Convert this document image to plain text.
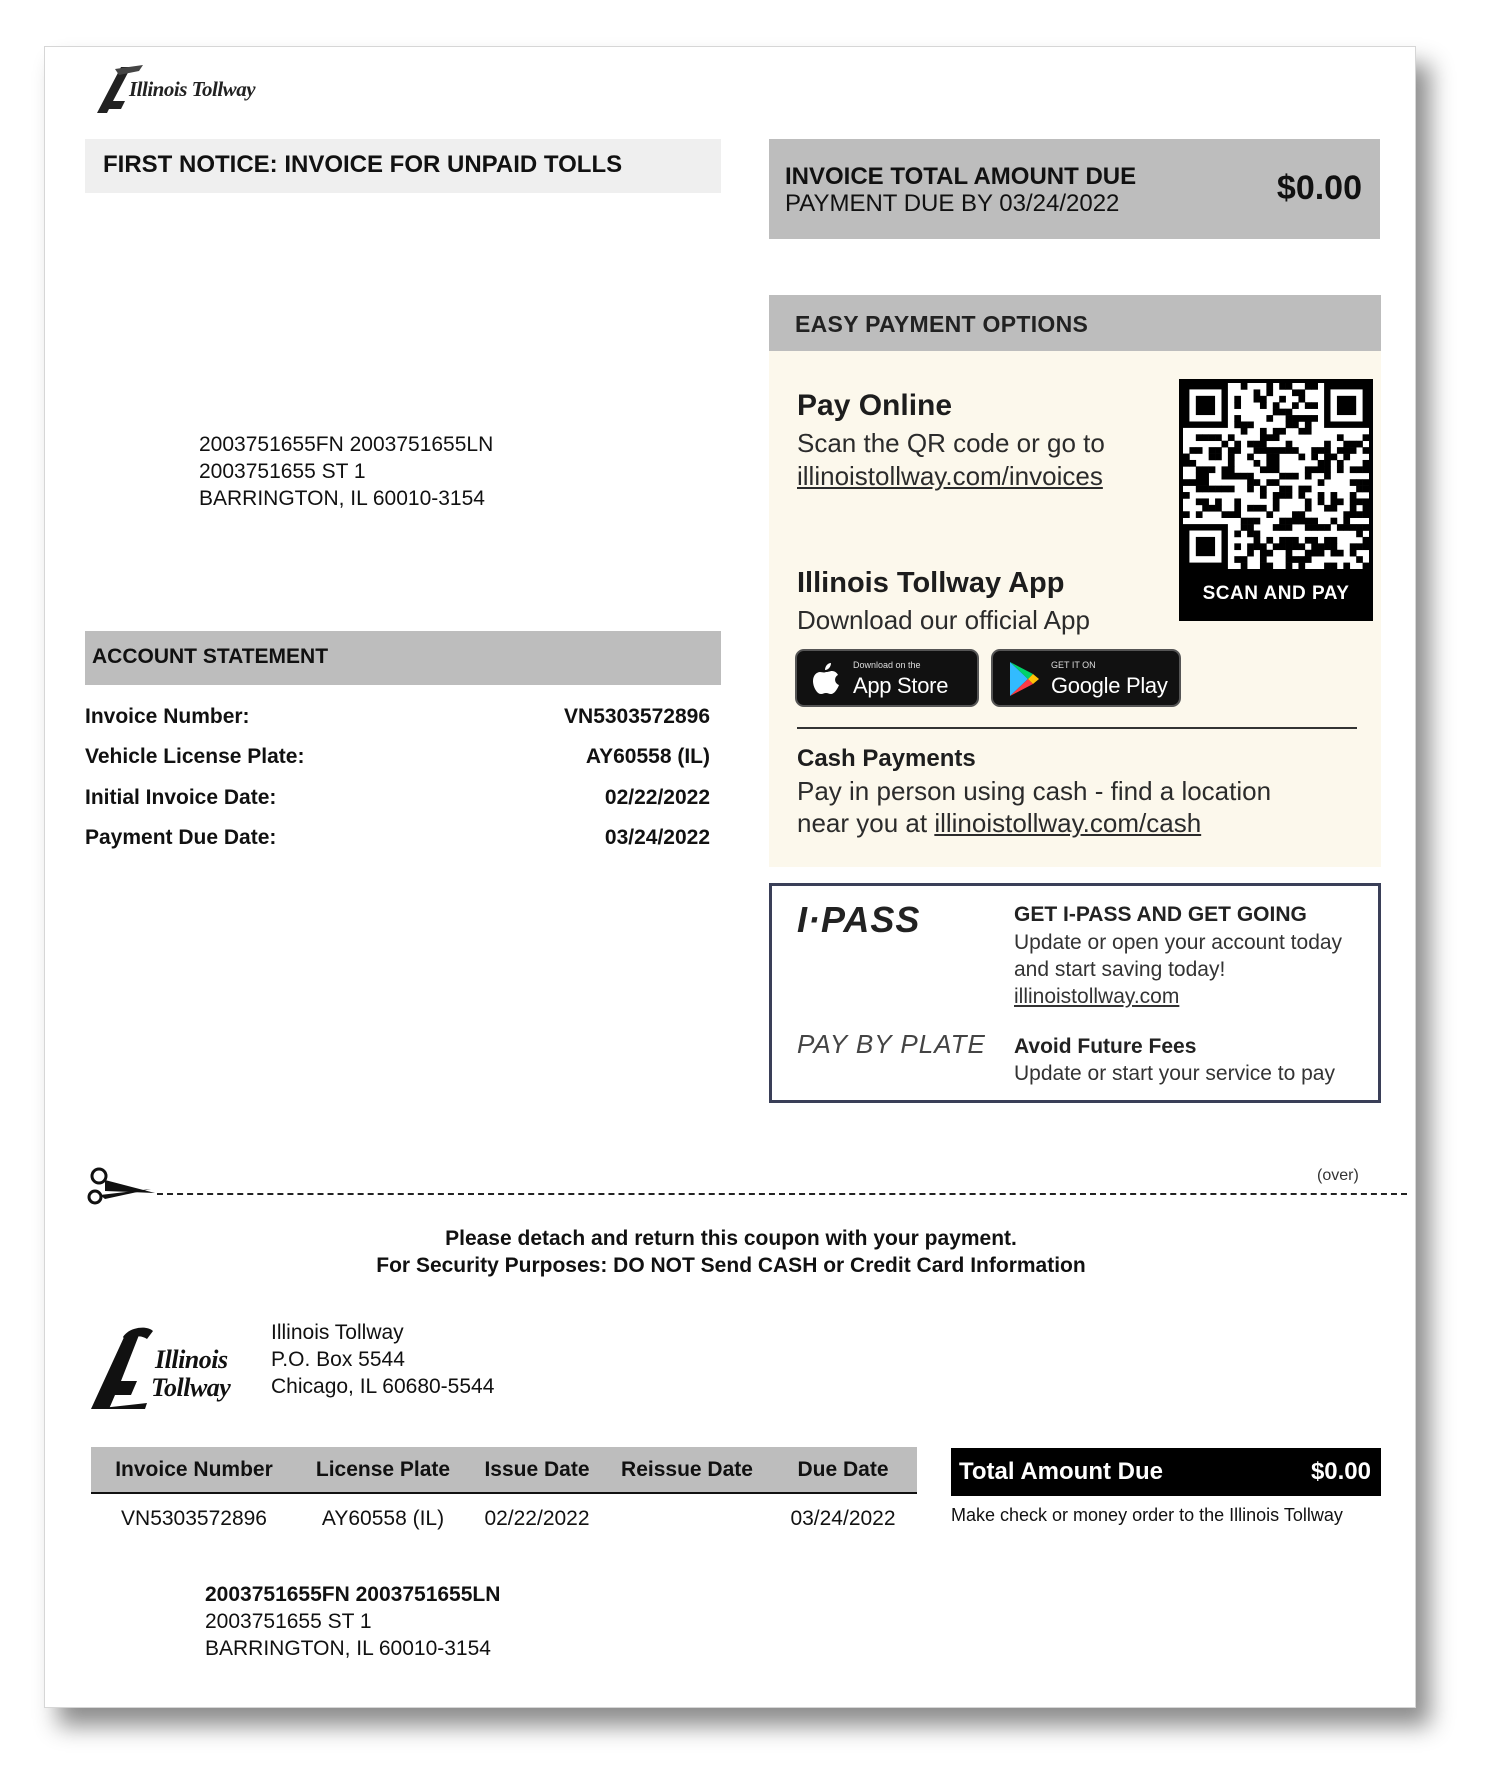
Illinois Tollway
FIRST NOTICE: INVOICE FOR UNPAID TOLLS	INVOICE TOTAL AMOUNT DUE
PAYMENT DUE BY 03/24/2022	$0.00
2003751655FN 2003751655LN
2003751655 ST 1
BARRINGTON, IL 60010-3154
ACCOUNT STATEMENT
Invoice Number:	VN5303572896
Vehicle License Plate:	AY60558 (IL)
Initial Invoice Date:	02/22/2022
Payment Due Date:	03/24/2022
EASY PAYMENT OPTIONS
Pay Online
Scan the QR code or go to
illinoistollway.com/invoices
SCAN AND PAY
Illinois Tollway App
Download our official App
Download on the
App Store
GET IT ON
Google Play
Cash Payments
Pay in person using cash - find a location
near you at illinoistollway.com/cash
I·PASS	GET I-PASS AND GET GOING
Update or open your account today
and start saving today!
illinoistollway.com
PAY BY PLATE Avoid Future Fees
Update or start your service to pay
(over)
Please detach and return this coupon with your payment.
For Security Purposes: DO NOT Send CASH or Credit Card Information
Illinois
Tollway
Illinois Tollway
P.O. Box 5544
Chicago, IL 60680-5544
Invoice Number	License Plate	Issue Date	Reissue Date	Due Date
VN5303572896	AY60558 (IL)	02/22/2022		03/24/2022
Total Amount Due	$0.00
Make check or money order to the Illinois Tollway
2003751655FN 2003751655LN
2003751655 ST 1
BARRINGTON, IL 60010-3154
